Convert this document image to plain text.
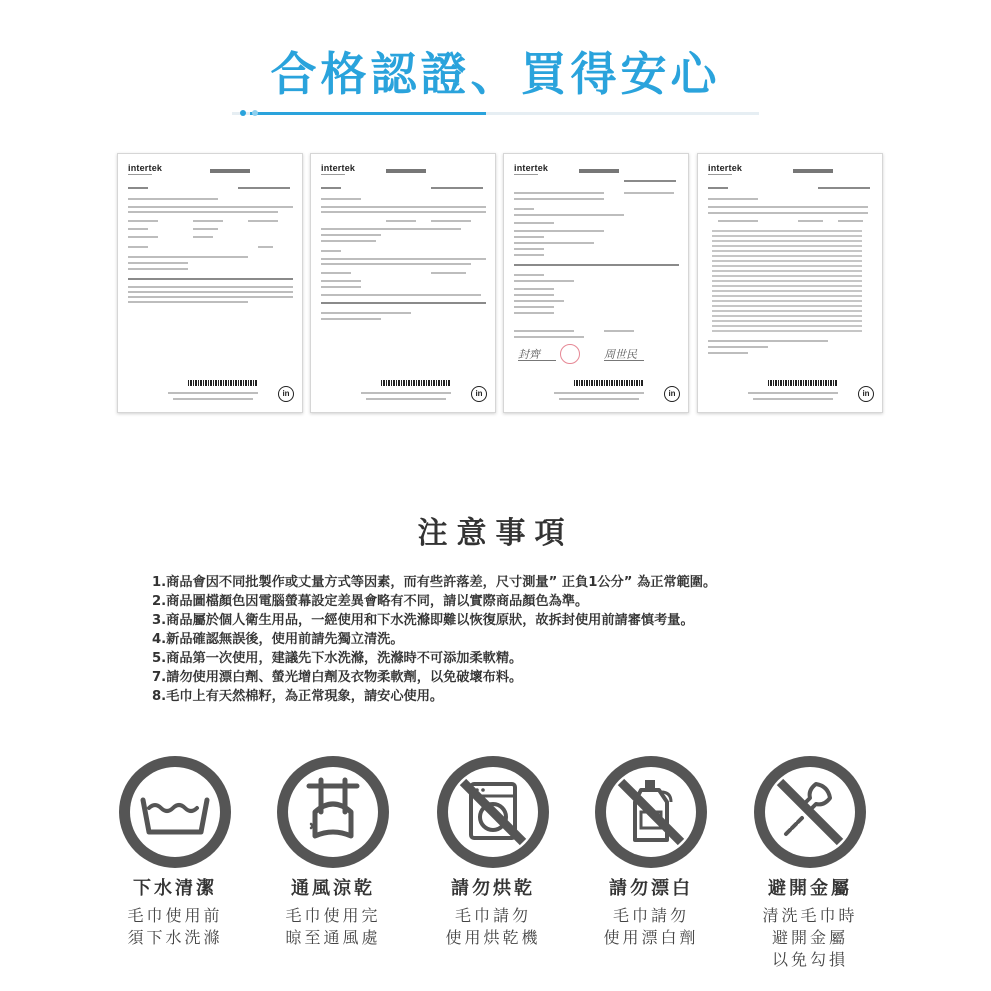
合格認證、買得安心
intertek
in
intertek
in
intertek
封齊	周世民
in
intertek
in
注意事項
1.商品會因不同批製作或丈量方式等因素，而有些許落差，尺寸測量” 正負1公分” 為正常範圍。
2.商品圖檔顏色因電腦螢幕設定差異會略有不同，請以實際商品顏色為準。
3.商品屬於個人衛生用品，一經使用和下水洗滌即難以恢復原狀，故拆封使用前請審慎考量。
4.新品確認無誤後，使用前請先獨立清洗。
5.商品第一次使用，建議先下水洗滌，洗滌時不可添加柔軟精。
7.請勿使用漂白劑、螢光增白劑及衣物柔軟劑，以免破壞布料。
8.毛巾上有天然棉籽，為正常現象，請安心使用。
下水清潔
毛巾使用前
須下水洗滌
通風涼乾
毛巾使用完
晾至通風處
請勿烘乾
毛巾請勿
使用烘乾機
請勿漂白
毛巾請勿
使用漂白劑
避開金屬
清洗毛巾時
避開金屬
以免勾損
